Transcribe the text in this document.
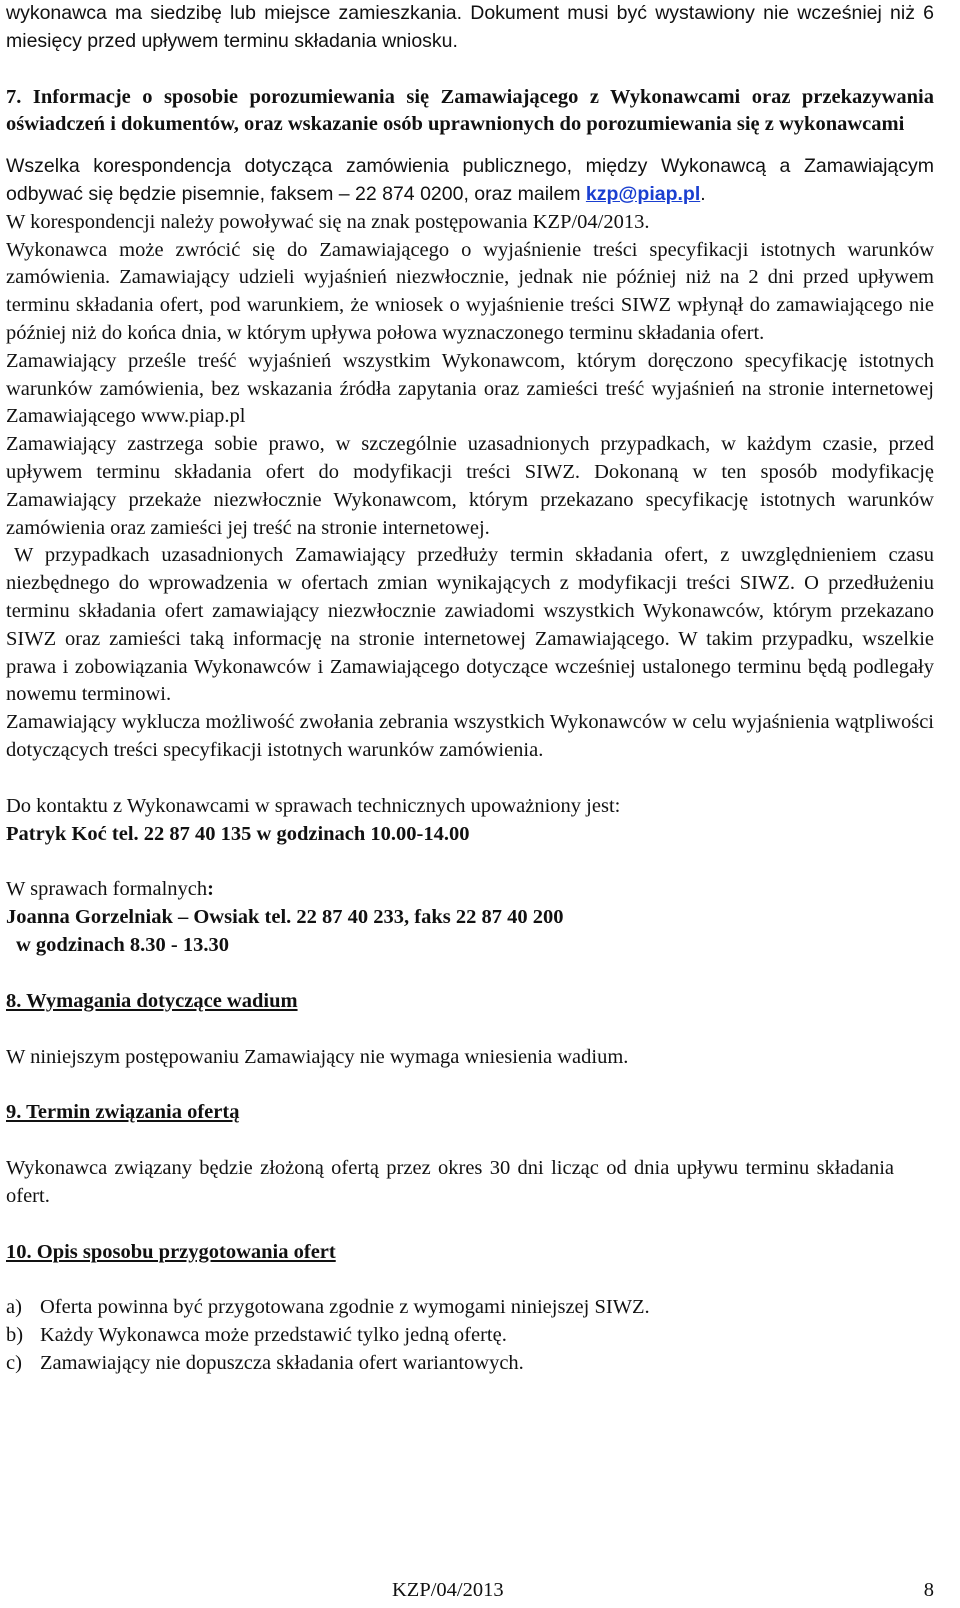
wykonawca ma siedzibę lub miejsce zamieszkania. Dokument musi być wystawiony nie wcześniej niż 6 miesięcy przed upływem terminu składania wniosku.

7. Informacje o sposobie porozumiewania się Zamawiającego z Wykonawcami oraz przekazywania oświadczeń i dokumentów, oraz wskazanie osób uprawnionych do porozumiewania się z wykonawcami

Wszelka korespondencja dotycząca zamówienia publicznego, między Wykonawcą a Zamawiającym odbywać się będzie pisemnie, faksem – 22 874 0200, oraz mailem kzp@piap.pl.

W korespondencji należy powoływać się na znak postępowania KZP/04/2013.

Wykonawca może zwrócić się do Zamawiającego o wyjaśnienie treści specyfikacji istotnych warunków zamówienia. Zamawiający udzieli wyjaśnień niezwłocznie, jednak nie później niż na 2 dni przed upływem terminu składania ofert, pod warunkiem, że wniosek o wyjaśnienie treści SIWZ wpłynął do zamawiającego nie później niż do końca dnia, w którym upływa połowa wyznaczonego terminu składania ofert.

Zamawiający prześle treść wyjaśnień wszystkim Wykonawcom, którym doręczono specyfikację istotnych warunków zamówienia, bez wskazania źródła zapytania oraz zamieści treść wyjaśnień na stronie internetowej Zamawiającego www.piap.pl

Zamawiający zastrzega sobie prawo, w szczególnie uzasadnionych przypadkach, w każdym czasie, przed upływem terminu składania ofert do modyfikacji treści SIWZ. Dokonaną w ten sposób modyfikację Zamawiający przekaże niezwłocznie Wykonawcom, którym przekazano specyfikację istotnych warunków zamówienia oraz zamieści jej treść na stronie internetowej.

W przypadkach uzasadnionych Zamawiający przedłuży termin składania ofert, z uwzględnieniem czasu niezbędnego do wprowadzenia w ofertach zmian wynikających z modyfikacji treści SIWZ. O przedłużeniu terminu składania ofert zamawiający niezwłocznie zawiadomi wszystkich Wykonawców, którym przekazano SIWZ oraz zamieści taką informację na stronie internetowej Zamawiającego. W takim przypadku, wszelkie prawa i zobowiązania Wykonawców i Zamawiającego dotyczące wcześniej ustalonego terminu będą podlegały nowemu terminowi.

Zamawiający wyklucza możliwość zwołania zebrania wszystkich Wykonawców w celu wyjaśnienia wątpliwości dotyczących treści specyfikacji istotnych warunków zamówienia.

Do kontaktu z Wykonawcami w sprawach technicznych upoważniony jest:

Patryk Koć tel. 22 87 40 135 w godzinach 10.00-14.00

W sprawach formalnych:

Joanna Gorzelniak – Owsiak tel. 22 87 40 233, faks 22 87 40 200

w godzinach 8.30 - 13.30

8. Wymagania dotyczące wadium

W niniejszym postępowaniu Zamawiający nie wymaga wniesienia wadium.

9. Termin związania ofertą

Wykonawca związany będzie złożoną ofertą przez okres 30 dni licząc od dnia upływu terminu składania ofert.

10. Opis sposobu przygotowania ofert

a) Oferta powinna być przygotowana zgodnie z wymogami niniejszej SIWZ.
b) Każdy Wykonawca może przedstawić tylko jedną ofertę.
c) Zamawiający nie dopuszcza składania ofert wariantowych.
KZP/04/2013	8
